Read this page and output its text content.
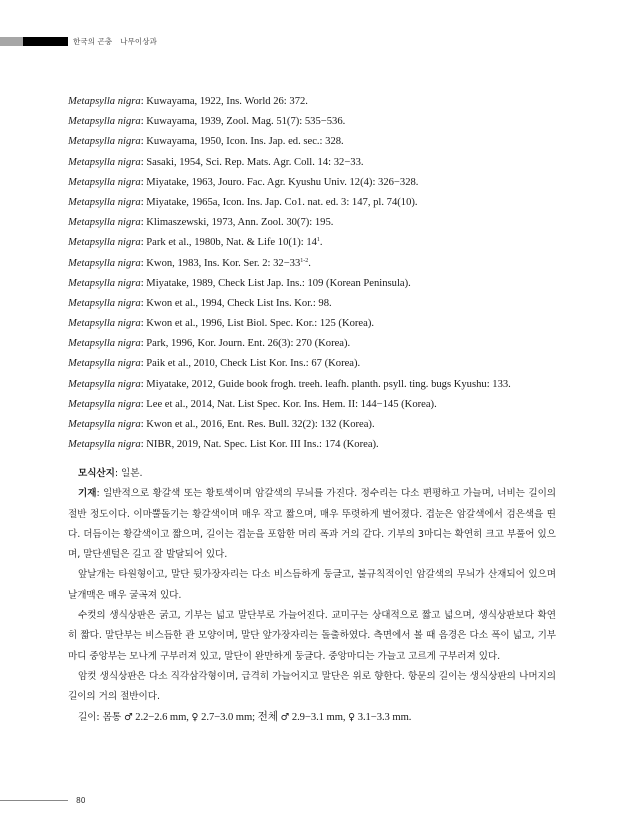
한국의 곤충 나무이상과
Metapsylla nigra: Kuwayama, 1922, Ins. World 26: 372.
Metapsylla nigra: Kuwayama, 1939, Zool. Mag. 51(7): 535−536.
Metapsylla nigra: Kuwayama, 1950, Icon. Ins. Jap. ed. sec.: 328.
Metapsylla nigra: Sasaki, 1954, Sci. Rep. Mats. Agr. Coll. 14: 32−33.
Metapsylla nigra: Miyatake, 1963, Jouro. Fac. Agr. Kyushu Univ. 12(4): 326−328.
Metapsylla nigra: Miyatake, 1965a, Icon. Ins. Jap. Co1. nat. ed. 3: 147, pl. 74(10).
Metapsylla nigra: Klimaszewski, 1973, Ann. Zool. 30(7): 195.
Metapsylla nigra: Park et al., 1980b, Nat. & Life 10(1): $14^1$.
Metapsylla nigra: Kwon, 1983, Ins. Kor. Ser. 2: $32-33^{1-2}$.
Metapsylla nigra: Miyatake, 1989, Check List Jap. Ins.: 109 (Korean Peninsula).
Metapsylla nigra: Kwon et al., 1994, Check List Ins. Kor.: 98.
Metapsylla nigra: Kwon et al., 1996, List Biol. Spec. Kor.: 125 (Korea).
Metapsylla nigra: Park, 1996, Kor. Journ. Ent. 26(3): 270 (Korea).
Metapsylla nigra: Paik et al., 2010, Check List Kor. Ins.: 67 (Korea).
Metapsylla nigra: Miyatake, 2012, Guide book frogh. treeh. leafh. planth. psyll. ting. bugs Kyushu: 133.
Metapsylla nigra: Lee et al., 2014, Nat. List Spec. Kor. Ins. Hem. II: 144−145 (Korea).
Metapsylla nigra: Kwon et al., 2016, Ent. Res. Bull. 32(2): 132 (Korea).
Metapsylla nigra: NIBR, 2019, Nat. Spec. List Kor. III Ins.: 174 (Korea).

모식산지: 일본.

기재: 일반적으로 황갈색 또는 황토색이며 암갈색의 무늬를 가진다. 정수리는 다소 편평하고 가늘며, 너비는 길이의 절반 정도이다. 이마뿔돌기는 황갈색이며 매우 작고 짧으며, 매우 뚜렷하게 벌어졌다. 겹눈은 암갈색에서 검은색을 띤다. 더듬이는 황갈색이고 짧으며, 길이는 겹눈을 포함한 머리 폭과 거의 같다. 기부의 3마디는 확연히 크고 부풀어 있으며, 말단센털은 길고 잘 발달되어 있다.

앞날개는 타원형이고, 말단 뒷가장자리는 다소 비스듬하게 둥글고, 불규칙적이인 암갈색의 무늬가 산재되어 있으며 날개맥은 매우 굴곡져 있다.

수컷의 생식상판은 굵고, 기부는 넓고 말단부로 가늘어진다. 교미구는 상대적으로 짧고 넓으며, 생식상판보다 확연히 짧다. 말단부는 비스듬한 관 모양이며, 말단 앞가장자리는 돌출하였다. 측면에서 볼 때 음경은 다소 폭이 넓고, 기부마디 중앙부는 모나게 구부러져 있고, 말단이 완만하게 둥글다. 중앙마디는 가늘고 고르게 구부러져 있다.

암컷 생식상판은 다소 직각삼각형이며, 급격히 가늘어지고 말단은 위로 향한다. 항문의 길이는 생식상판의 나머지의 길이의 거의 절반이다.

길이: 몸통 ♂ 2.2−2.6 mm, ♀ 2.7−3.0 mm; 전체 ♂ 2.9−3.1 mm, ♀ 3.1−3.3 mm.

80
